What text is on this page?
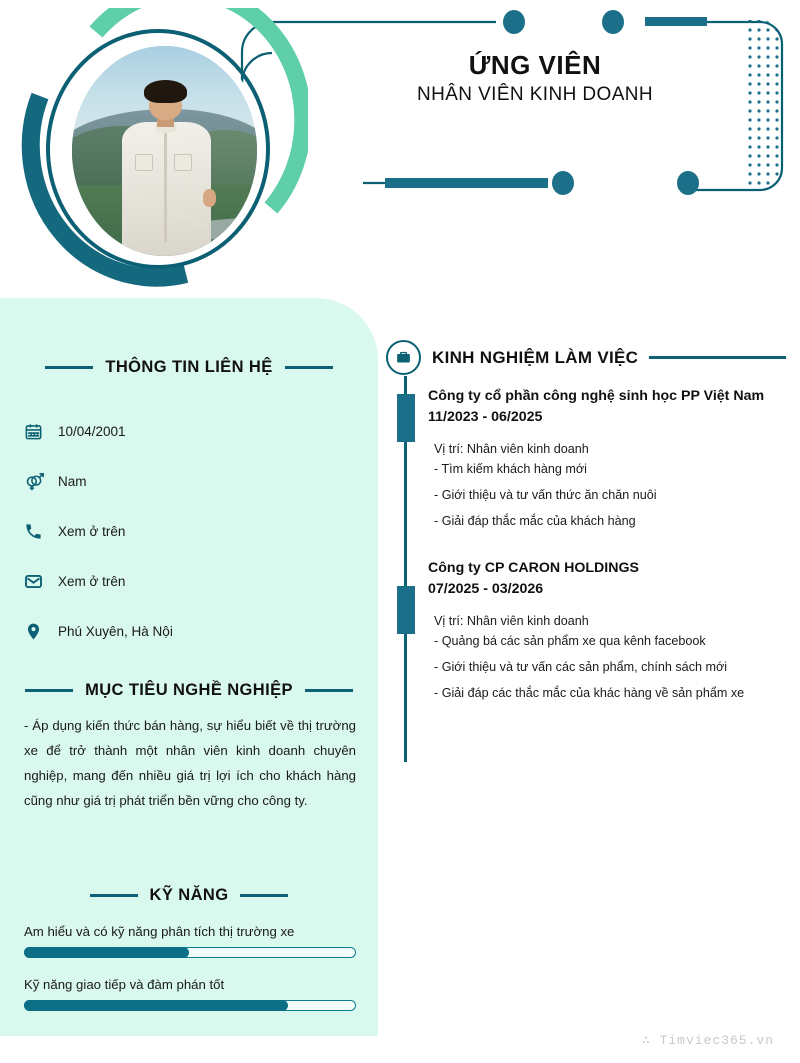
ỨNG VIÊN
NHÂN VIÊN KINH DOANH
THÔNG TIN LIÊN HỆ
10/04/2001
Nam
Xem ở trên
Xem ở trên
Phú Xuyên, Hà Nội
MỤC TIÊU NGHỀ NGHIỆP
- Áp dụng kiến thức bán hàng, sự hiểu biết về thị trường xe để trở thành một nhân viên kinh doanh chuyên nghiệp, mang đến nhiều giá trị lợi ích cho khách hàng cũng như giá trị phát triển bền vững cho công ty.
KỸ NĂNG
Am hiểu và có kỹ năng phân tích thị trường xe
Kỹ năng giao tiếp và đàm phán tốt
KINH NGHIỆM LÀM VIỆC
Công ty cổ phần công nghệ sinh học PP Việt Nam
11/2023 - 06/2025
Vị trí: Nhân viên kinh doanh
- Tìm kiếm khách hàng mới
- Giới thiệu và tư vấn thức ăn chăn nuôi
- Giải đáp thắc mắc của khách hàng
Công ty CP CARON HOLDINGS
07/2025 - 03/2026
Vị trí: Nhân viên kinh doanh
- Quảng bá các sản phẩm xe qua kênh facebook
- Giới thiệu và tư vấn các sản phẩm, chính sách mới
- Giải đáp các thắc mắc của khác hàng về sản phẩm xe
∴ Timviec365.vn
